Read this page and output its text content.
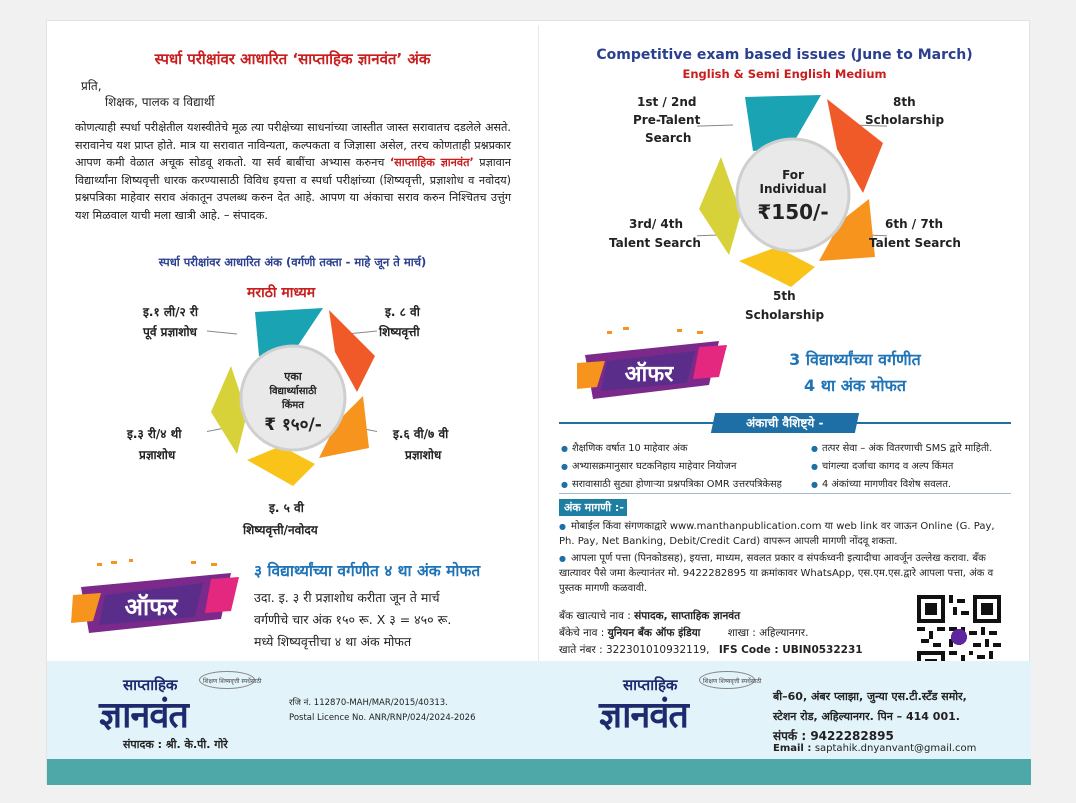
स्पर्धा परीक्षांवर आधारित ‘साप्ताहिक ज्ञानवंत’ अंक
प्रति,
शिक्षक, पालक व विद्यार्थी
कोणत्याही स्पर्धा परीक्षेतील यशस्वीतेचे मूळ त्या परीक्षेच्या साधनांच्या जास्तीत जास्त सरावातच दडलेले असते. सरावानेच यश प्राप्त होते. मात्र या सरावात नाविन्यता, कल्पकता व जिज्ञासा असेल, तरच कोणताही प्रश्नप्रकार आपण कमी वेळात अचूक सोडवू शकतो. या सर्व बाबींचा अभ्यास करुनच ‘साप्ताहिक ज्ञानवंत’ प्रज्ञावान विद्यार्थ्यांना शिष्यवृत्ती धारक करण्यासाठी विविध इयत्ता व स्पर्धा परीक्षांच्या (शिष्यवृत्ती, प्रज्ञाशोध व नवोदय) प्रश्नपत्रिका माहेवार सराव अंकातून उपलब्ध करुन देत आहे. आपण या अंकाचा सराव करुन निश्चितच उत्तुंग यश मिळवाल याची मला खात्री आहे. – संपादक.
स्पर्धा परीक्षांवर आधारित अंक (वर्गणी तक्ता - माहे जून ते मार्च)
एका
विद्यार्थ्यासाठी
किंमत
₹ १५०/-
मराठी माध्यम
इ.१ ली/२ री
पूर्व प्रज्ञाशोध
इ. ८ वी
शिष्यवृत्ती
इ.३ री/४ थी
प्रज्ञाशोध
इ.६ वी/७ वी
प्रज्ञाशोध
इ. ५ वी
शिष्यवृत्ती/नवोदय
ऑफर
३ विद्यार्थ्यांच्या वर्गणीत ४ था अंक मोफत
उदा. इ. ३ री प्रज्ञाशोध करीता जून ते मार्च
वर्गणीचे चार अंक १५० रू. X ३ = ४५० रू.
मध्ये शिष्यवृत्तीचा ४ था अंक मोफत
Competitive exam based issues (June to March)
English & Semi English Medium
For
Individual
₹150/-
1st / 2nd
Pre-Talent
Search
8th
Scholarship
3rd/ 4th
Talent Search
6th / 7th
Talent Search
5th
Scholarship
ऑफर
3 विद्यार्थ्यांच्या वर्गणीत
4 था अंक मोफत
अंकाची वैशिष्ट्ये -
● शैक्षणिक वर्षात 10 माहेवार अंक	● तत्पर सेवा – अंक वितरणाची SMS द्वारे माहिती.
● अभ्यासक्रमानुसार घटकनिहाय माहेवार नियोजन	● चांगल्या दर्जाचा कागद व अल्प किंमत
● सरावासाठी सुट्या होणाऱ्या प्रश्नपत्रिका OMR उत्तरपत्रिकेसह	● 4 अंकांच्या मागणीवर विशेष सवलत.
अंक मागणी :-
● मोबाईल किंवा संगणकाद्वारे www.manthanpublication.com या web link वर जाऊन Online (G. Pay, Ph. Pay, Net Banking, Debit/Credit Card) वापरून आपली मागणी नोंदवू शकता.
● आपला पूर्ण पत्ता (पिनकोडसह), इयत्ता, माध्यम, सवलत प्रकार व संपर्कध्वनी इत्यादीचा आवर्जून उल्लेख करावा. बँक खात्यावर पैसे जमा केल्यानंतर मो. 9422282895 या क्रमांकावर WhatsApp, एस.एम.एस.द्वारे आपला पत्ता, अंक व पुस्तक मागणी कळवावी.
बँक खात्याचे नाव : संपादक, साप्ताहिक ज्ञानवंत
बँकेचे नाव : युनियन बँक ऑफ इंडिया	शाखा : अहिल्यानगर.
खाते नंबर : 322301010932119, IFS Code : UBIN0532231
शिक्षण शिष्यवृत्ती स्पर्धेसाठी
साप्ताहिक
ज्ञानवंत
संपादक : श्री. के.पी. गोरे
रजि नं. 112870-MAH/MAR/2015/40313.
Postal Licence No. ANR/RNP/024/2024-2026
शिक्षण शिष्यवृत्ती स्पर्धेसाठी
साप्ताहिक
ज्ञानवंत	बी–60, अंबर प्लाझा, जुन्या एस.टी.स्टँड समोर,
स्टेशन रोड, अहिल्यानगर. पिन – 414 001.
संपर्क : 9422282895
Email : saptahik.dnyanvant@gmail.com
